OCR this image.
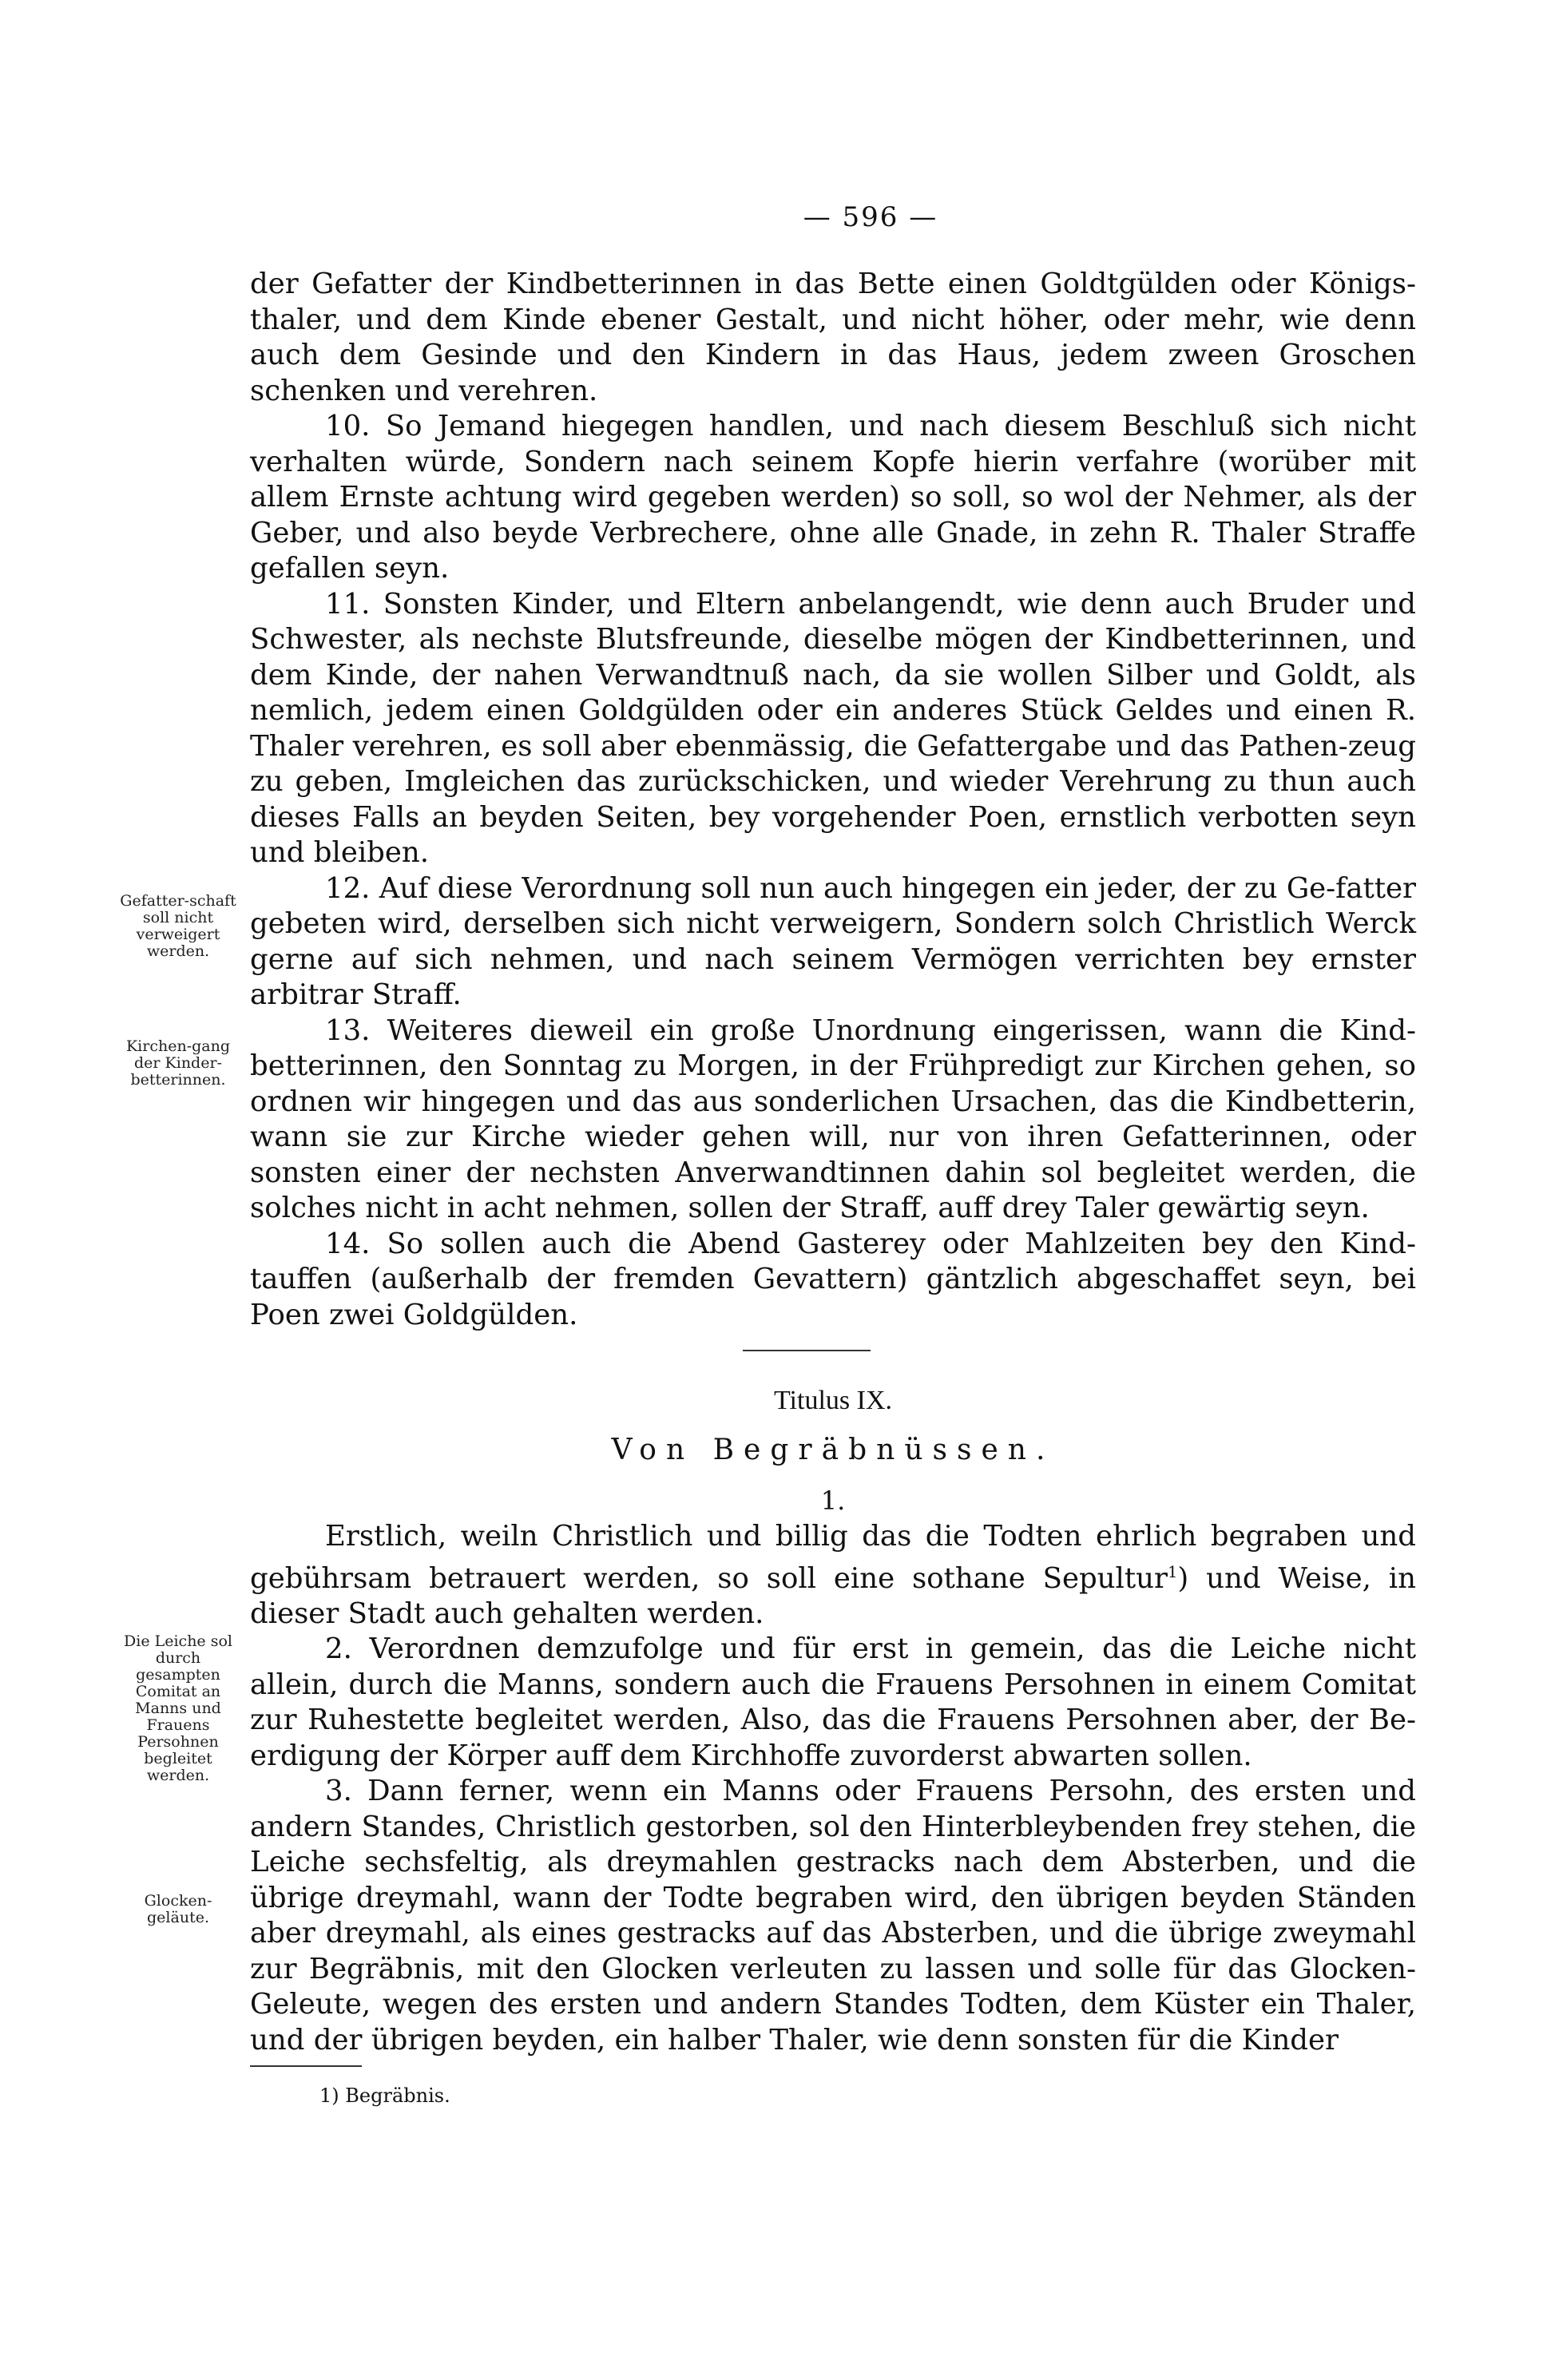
— 596 —

der Gefatter der Kindbetterinnen in das Bette einen Goldtgülden oder Königs-thaler, und dem Kinde ebener Gestalt, und nicht höher, oder mehr, wie denn auch dem Gesinde und den Kindern in das Haus, jedem zween Groschen schenken und verehren.

10. So Jemand hiegegen handlen, und nach diesem Beschluß sich nicht verhalten würde, Sondern nach seinem Kopfe hierin verfahre (worüber mit allem Ernste achtung wird gegeben werden) so soll, so wol der Nehmer, als der Geber, und also beyde Verbrechere, ohne alle Gnade, in zehn R. Thaler Straffe gefallen seyn.

11. Sonsten Kinder, und Eltern anbelangendt, wie denn auch Bruder und Schwester, als nechste Blutsfreunde, dieselbe mögen der Kindbetterinnen, und dem Kinde, der nahen Verwandtnuß nach, da sie wollen Silber und Goldt, als nemlich, jedem einen Goldgülden oder ein anderes Stück Geldes und einen R. Thaler verehren, es soll aber ebenmässig, die Gefattergabe und das Pathen-zeug zu geben, Imgleichen das zurückschicken, und wieder Verehrung zu thun auch dieses Falls an beyden Seiten, bey vorgehender Poen, ernstlich verbotten seyn und bleiben.

12. Auf diese Verordnung soll nun auch hingegen ein jeder, der zu Ge-fatter gebeten wird, derselben sich nicht verweigern, Sondern solch Christlich Werck gerne auf sich nehmen, und nach seinem Vermögen verrichten bey ernster arbitrar Straff.

13. Weiteres dieweil ein große Unordnung eingerissen, wann die Kind-betterinnen, den Sonntag zu Morgen, in der Frühpredigt zur Kirchen gehen, so ordnen wir hingegen und das aus sonderlichen Ursachen, das die Kindbetterin, wann sie zur Kirche wieder gehen will, nur von ihren Gefatterinnen, oder sonsten einer der nechsten Anverwandtinnen dahin sol begleitet werden, die solches nicht in acht nehmen, sollen der Straff, auff drey Taler gewärtig seyn.

14. So sollen auch die Abend Gasterey oder Mahlzeiten bey den Kind-tauffen (außerhalb der fremden Gevattern) gäntzlich abgeschaffet seyn, bei Poen zwei Goldgülden.

Gefatter-schaft soll nicht verweigert werden.
Kirchen-gang der Kinder-betterinnen.
Titulus IX.
Von Begräbnüssen.
1.

Erstlich, weiln Christlich und billig das die Todten ehrlich begraben und gebührsam betrauert werden, so soll eine sothane Sepultur$^1$) und Weise, in dieser Stadt auch gehalten werden.

2. Verordnen demzufolge und für erst in gemein, das die Leiche nicht allein, durch die Manns, sondern auch die Frauens Persohnen in einem Comitat zur Ruhestette begleitet werden, Also, das die Frauens Persohnen aber, der Be-erdigung der Körper auff dem Kirchhoffe zuvorderst abwarten sollen.

3. Dann ferner, wenn ein Manns oder Frauens Persohn, des ersten und andern Standes, Christlich gestorben, sol den Hinterbleybenden frey stehen, die Leiche sechsfeltig, als dreymahlen gestracks nach dem Absterben, und die übrige dreymahl, wann der Todte begraben wird, den übrigen beyden Ständen aber dreymahl, als eines gestracks auf das Absterben, und die übrige zweymahl zur Begräbnis, mit den Glocken verleuten zu lassen und solle für das Glocken-Geleute, wegen des ersten und andern Standes Todten, dem Küster ein Thaler, und der übrigen beyden, ein halber Thaler, wie denn sonsten für die Kinder

Die Leiche sol durch gesampten Comitat an Manns und Frauens Persohnen begleitet werden.
Glocken-geläute.
1) Begräbnis.
